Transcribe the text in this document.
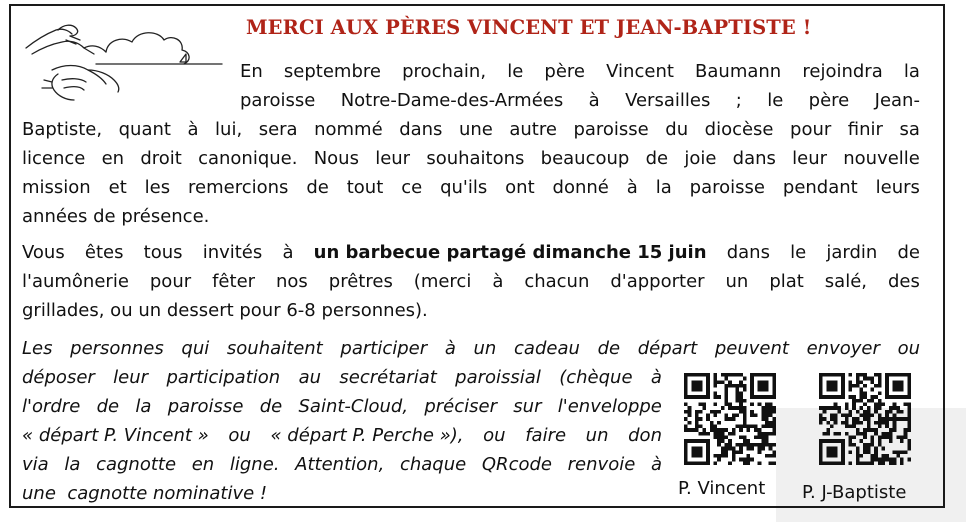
MERCI AUX PÈRES VINCENT ET JEAN-BAPTISTE !
En septembre prochain, le père Vincent Baumann rejoindra la
paroisse Notre-Dame-des-Armées à Versailles ; le père Jean-
Baptiste, quant à lui, sera nommé dans une autre paroisse du diocèse pour finir sa
licence en droit canonique. Nous leur souhaitons beaucoup de joie dans leur nouvelle
mission et les remercions de tout ce qu'ils ont donné à la paroisse pendant leurs
années de présence.
Vous êtes tous invités à un barbecue partagé dimanche 15 juin dans le jardin de
l'aumônerie pour fêter nos prêtres (merci à chacun d'apporter un plat salé, des
grillades, ou un dessert pour 6-8 personnes).
Les personnes qui souhaitent participer à un cadeau de départ peuvent envoyer ou
déposer leur participation au secrétariat paroissial (chèque à
l'ordre de la paroisse de Saint-Cloud, préciser sur l'enveloppe
« départ P. Vincent » ou « départ P. Perche »), ou faire un don
via la cagnotte en ligne. Attention, chaque QRcode renvoie à
une  cagnotte nominative !	P. Vincent P. J-Baptiste
